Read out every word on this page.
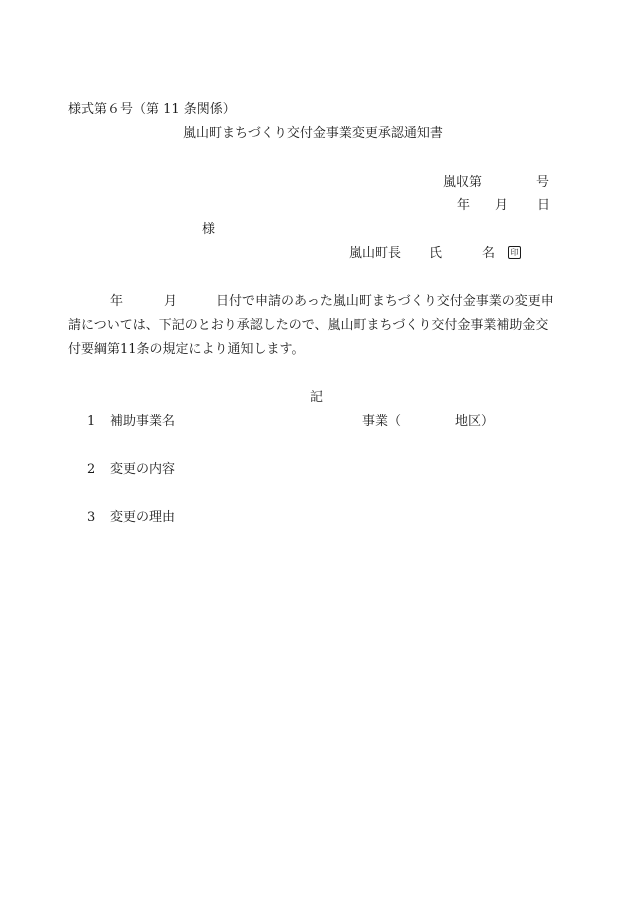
様式第６号（第 11 条関係）
嵐山町まちづくり交付金事業変更承認通知書
嵐収第	号
年 月 日
様
嵐山町長 氏	名	印
年	月	日付で申請のあった嵐山町まちづくり交付金事業の変更申
請については、下記のとおり承認したので、嵐山町まちづくり交付金事業補助金交
付要綱第11条の規定により通知します。
記
1 補助事業名	事業（	地区）
2 変更の内容
3 変更の理由
